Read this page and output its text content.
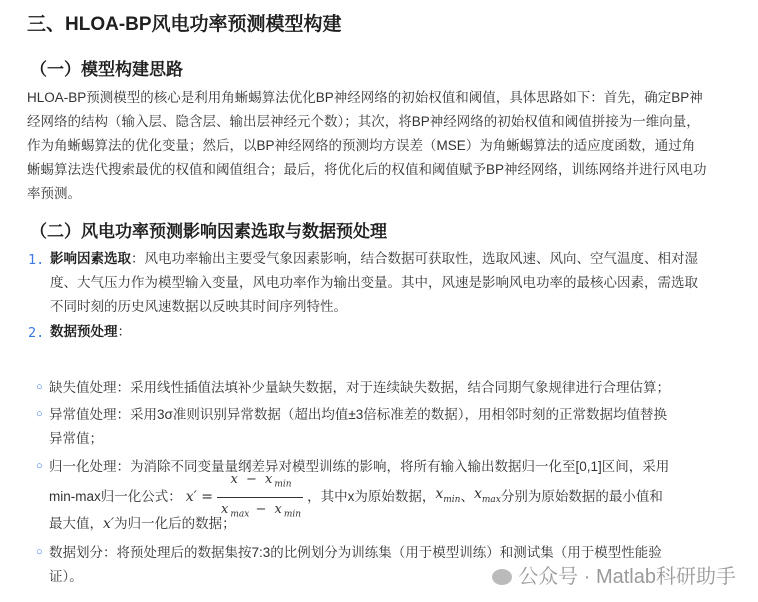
三、HLOA-BP风电功率预测模型构建
（一）模型构建思路
HLOA-BP预测模型的核心是利用角蜥蜴算法优化BP神经网络的初始权值和阈值，具体思路如下：首先，确定BP神
经网络的结构（输入层、隐含层、输出层神经元个数）；其次，将BP神经网络的初始权值和阈值拼接为一维向量，
作为角蜥蜴算法的优化变量；然后，以BP神经网络的预测均方误差（MSE）为角蜥蜴算法的适应度函数，通过角
蜥蜴算法迭代搜索最优的权值和阈值组合；最后，将优化后的权值和阈值赋予BP神经网络，训练网络并进行风电功
率预测。
（二）风电功率预测影响因素选取与数据预处理
1. 影响因素选取：风电功率输出主要受气象因素影响，结合数据可获取性，选取风速、风向、空气温度、相对湿
度、大气压力作为模型输入变量，风电功率作为输出变量。其中，风速是影响风电功率的最核心因素，需选取
不同时刻的历史风速数据以反映其时间序列特性。
2. 数据预处理：
○ 缺失值处理：采用线性插值法填补少量缺失数据，对于连续缺失数据，结合同期气象规律进行合理估算；
○ 异常值处理：采用3σ准则识别异常数据（超出均值±3倍标准差的数据），用相邻时刻的正常数据均值替换
异常值；
○ 归一化处理：为消除不同变量量纲差异对模型训练的影响，将所有输入输出数据归一化至[0,1]区间，采用
min-max归一化公式： x′
= $\frac{x - x _{min}}{x _{max} - x _{min}}$ ，其中x为原始数据， $x_{min}$ 、 $x_{max}$ 分别为原始数据的最小值和
最大值，x′为归一化后的数据；
○ 数据划分：将预处理后的数据集按7:3的比例划分为训练集（用于模型训练）和测试集（用于模型性能验
证）。	公众号 · Matlab科研助手
